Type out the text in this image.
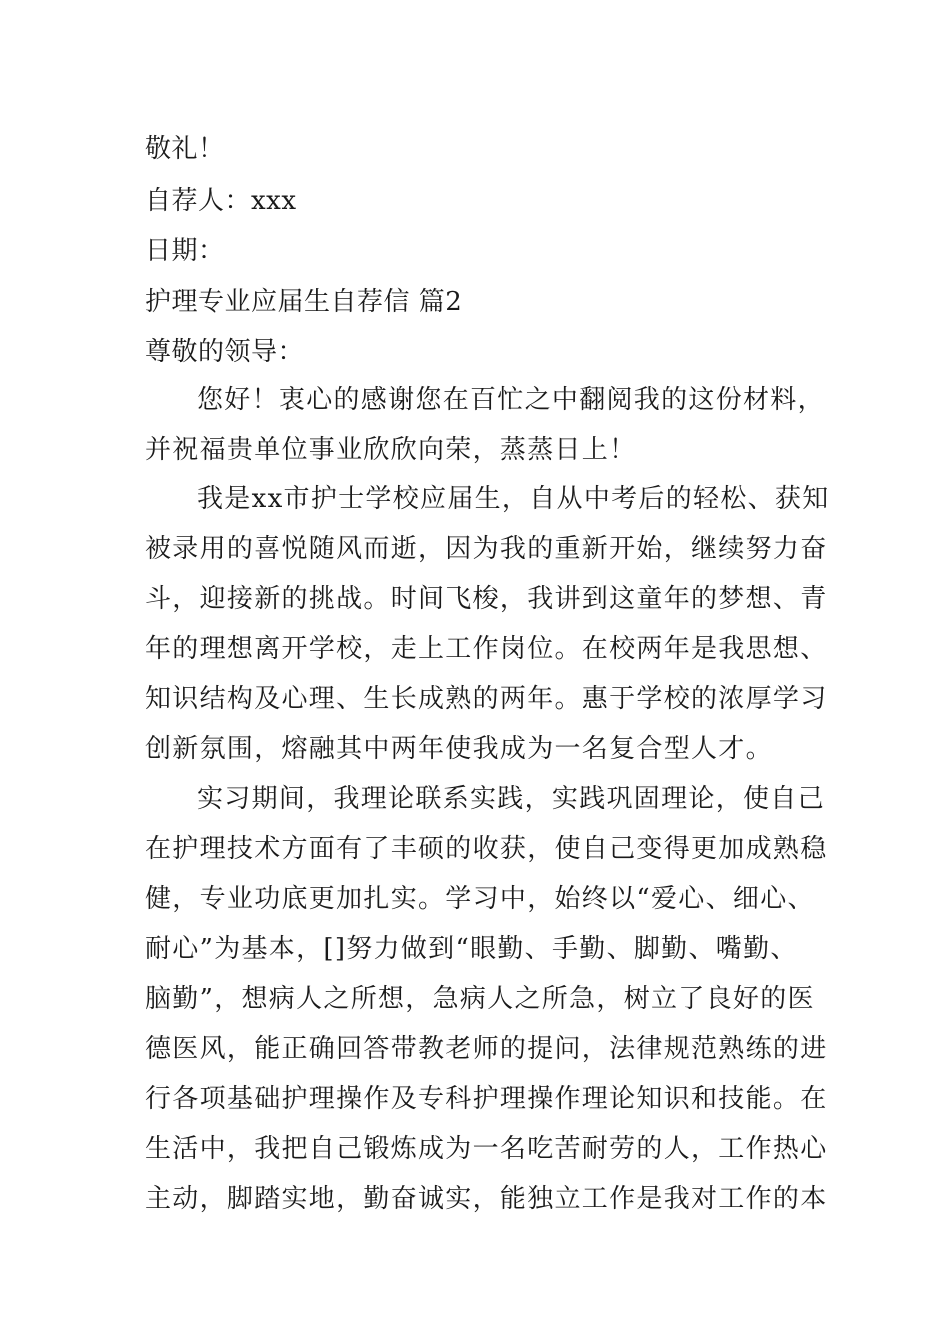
敬礼！
自荐人：xxx
日期：
护理专业应届生自荐信 篇2
尊敬的领导：
您好！衷心的感谢您在百忙之中翻阅我的这份材料，
并祝福贵单位事业欣欣向荣，蒸蒸日上！
我是xx市护士学校应届生，自从中考后的轻松、获知
被录用的喜悦随风而逝，因为我的重新开始，继续努力奋
斗，迎接新的挑战。时间飞梭，我讲到这童年的梦想、青
年的理想离开学校，走上工作岗位。在校两年是我思想、
知识结构及心理、生长成熟的两年。惠于学校的浓厚学习
创新氛围，熔融其中两年使我成为一名复合型人才。
实习期间，我理论联系实践，实践巩固理论，使自己
在护理技术方面有了丰硕的收获，使自己变得更加成熟稳
健，专业功底更加扎实。学习中，始终以“爱心、细心、
耐心”为基本，[]努力做到“眼勤、手勤、脚勤、嘴勤、
脑勤”，想病人之所想，急病人之所急，树立了良好的医
德医风，能正确回答带教老师的提问，法律规范熟练的进
行各项基础护理操作及专科护理操作理论知识和技能。在
生活中，我把自己锻炼成为一名吃苦耐劳的人，工作热心
主动，脚踏实地，勤奋诚实，能独立工作是我对工作的本
